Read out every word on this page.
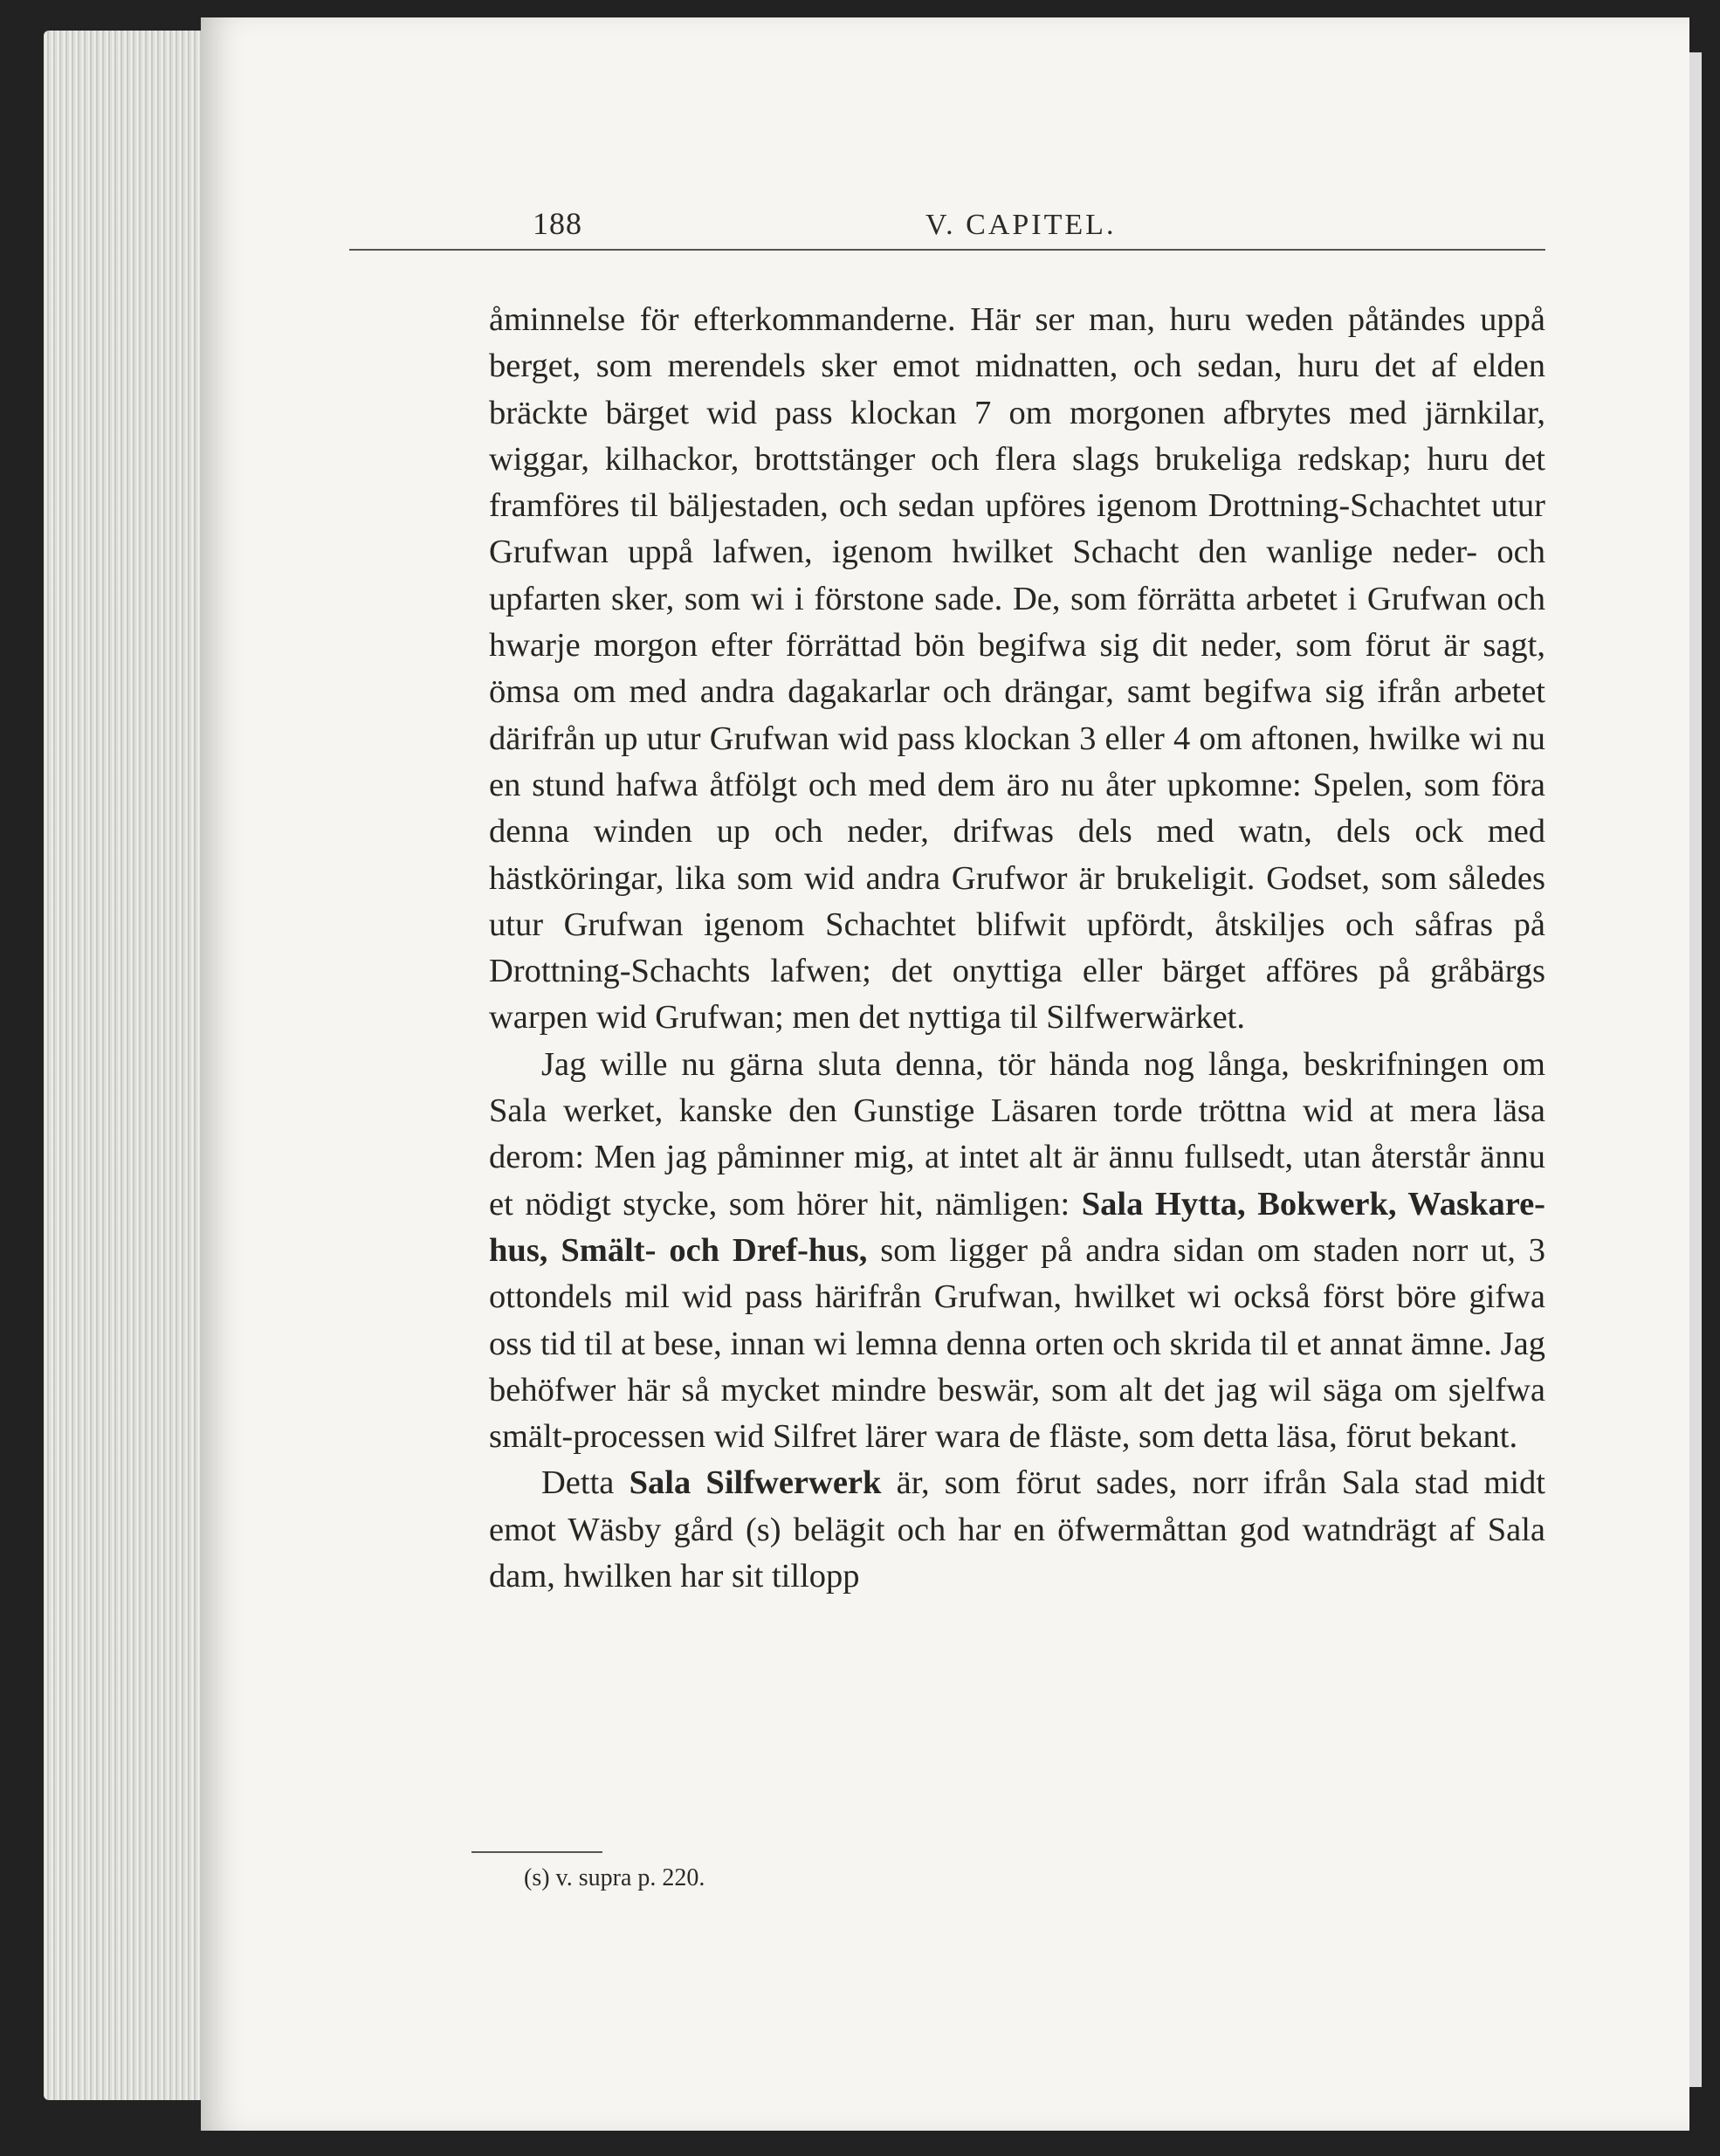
188	V. CAPITEL.

åminnelse för efterkommanderne. Här ser man, huru weden påtändes uppå berget, som merendels sker emot midnatten, och sedan, huru det af elden bräckte bärget wid pass klockan 7 om morgonen afbrytes med järnkilar, wiggar, kilhackor, brottstänger och flera slags brukeliga redskap; huru det framföres til bäljestaden, och sedan upföres igenom Drottning-Schachtet utur Grufwan uppå lafwen, igenom hwilket Schacht den wanlige neder- och upfarten sker, som wi i förstone sade. De, som förrätta arbetet i Grufwan och hwarje morgon efter förrättad bön begifwa sig dit neder, som förut är sagt, ömsa om med andra dagakarlar och drängar, samt begifwa sig ifrån arbetet därifrån up utur Grufwan wid pass klockan 3 eller 4 om aftonen, hwilke wi nu en stund hafwa åtfölgt och med dem äro nu åter upkomne: Spelen, som föra denna winden up och neder, drifwas dels med watn, dels ock med hästköringar, lika som wid andra Grufwor är brukeligit. Godset, som således utur Grufwan igenom Schachtet blifwit upfördt, åtskiljes och såfras på Drottning-Schachts lafwen; det onyttiga eller bärget afföres på gråbärgs warpen wid Grufwan; men det nyttiga til Silfwerwärket.

Jag wille nu gärna sluta denna, tör hända nog långa, beskrifningen om Sala werket, kanske den Gunstige Läsaren torde tröttna wid at mera läsa derom: Men jag påminner mig, at intet alt är ännu fullsedt, utan återstår ännu et nödigt stycke, som hörer hit, nämligen: Sala Hytta, Bokwerk, Waskare-hus, Smält- och Dref-hus, som ligger på andra sidan om staden norr ut, 3 ottondels mil wid pass härifrån Grufwan, hwilket wi också först böre gifwa oss tid til at bese, innan wi lemna denna orten och skrida til et annat ämne. Jag behöfwer här så mycket mindre beswär, som alt det jag wil säga om sjelfwa smält-processen wid Silfret lärer wara de fläste, som detta läsa, förut bekant.

Detta Sala Silfwerwerk är, som förut sades, norr ifrån Sala stad midt emot Wäsby gård (s) belägit och har en öfwermåttan god watndrägt af Sala dam, hwilken har sit tillopp

(s) v. supra p. 220.
